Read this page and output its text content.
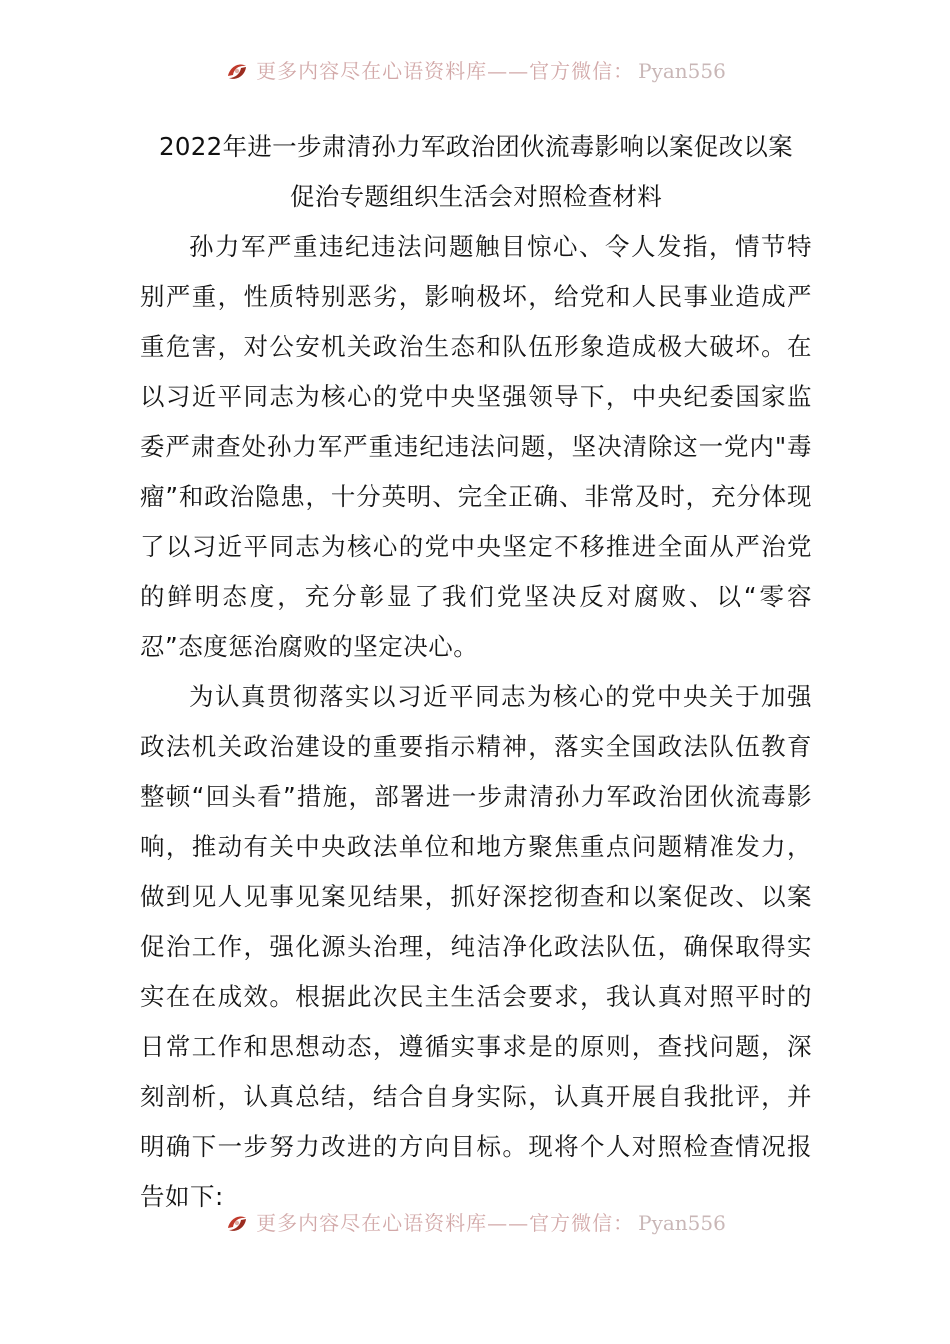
更多内容尽在心语资料库——官方微信： Pyan556
2022年进一步肃清孙力军政治团伙流毒影响以案促改以案
促治专题组织生活会对照检查材料

孙力军严重违纪违法问题触目惊心、令人发指，情节特别严重，性质特别恶劣，影响极坏，给党和人民事业造成严重危害，对公安机关政治生态和队伍形象造成极大破坏。在以习近平同志为核心的党中央坚强领导下，中央纪委国家监委严肃查处孙力军严重违纪违法问题，坚决清除这一党内"毒瘤”和政治隐患，十分英明、完全正确、非常及时，充分体现了以习近平同志为核心的党中央坚定不移推进全面从严治党的鲜明态度，充分彰显了我们党坚决反对腐败、以“零容忍”态度惩治腐败的坚定决心。

为认真贯彻落实以习近平同志为核心的党中央关于加强政法机关政治建设的重要指示精神，落实全国政法队伍教育整顿“回头看”措施，部署进一步肃清孙力军政治团伙流毒影响，推动有关中央政法单位和地方聚焦重点问题精准发力，做到见人见事见案见结果，抓好深挖彻查和以案促改、以案促治工作，强化源头治理，纯洁净化政法队伍，确保取得实实在在成效。根据此次民主生活会要求，我认真对照平时的日常工作和思想动态，遵循实事求是的原则，查找问题，深刻剖析，认真总结，结合自身实际，认真开展自我批评，并明确下一步努力改进的方向目标。现将个人对照检查情况报告如下:

更多内容尽在心语资料库——官方微信： Pyan556
